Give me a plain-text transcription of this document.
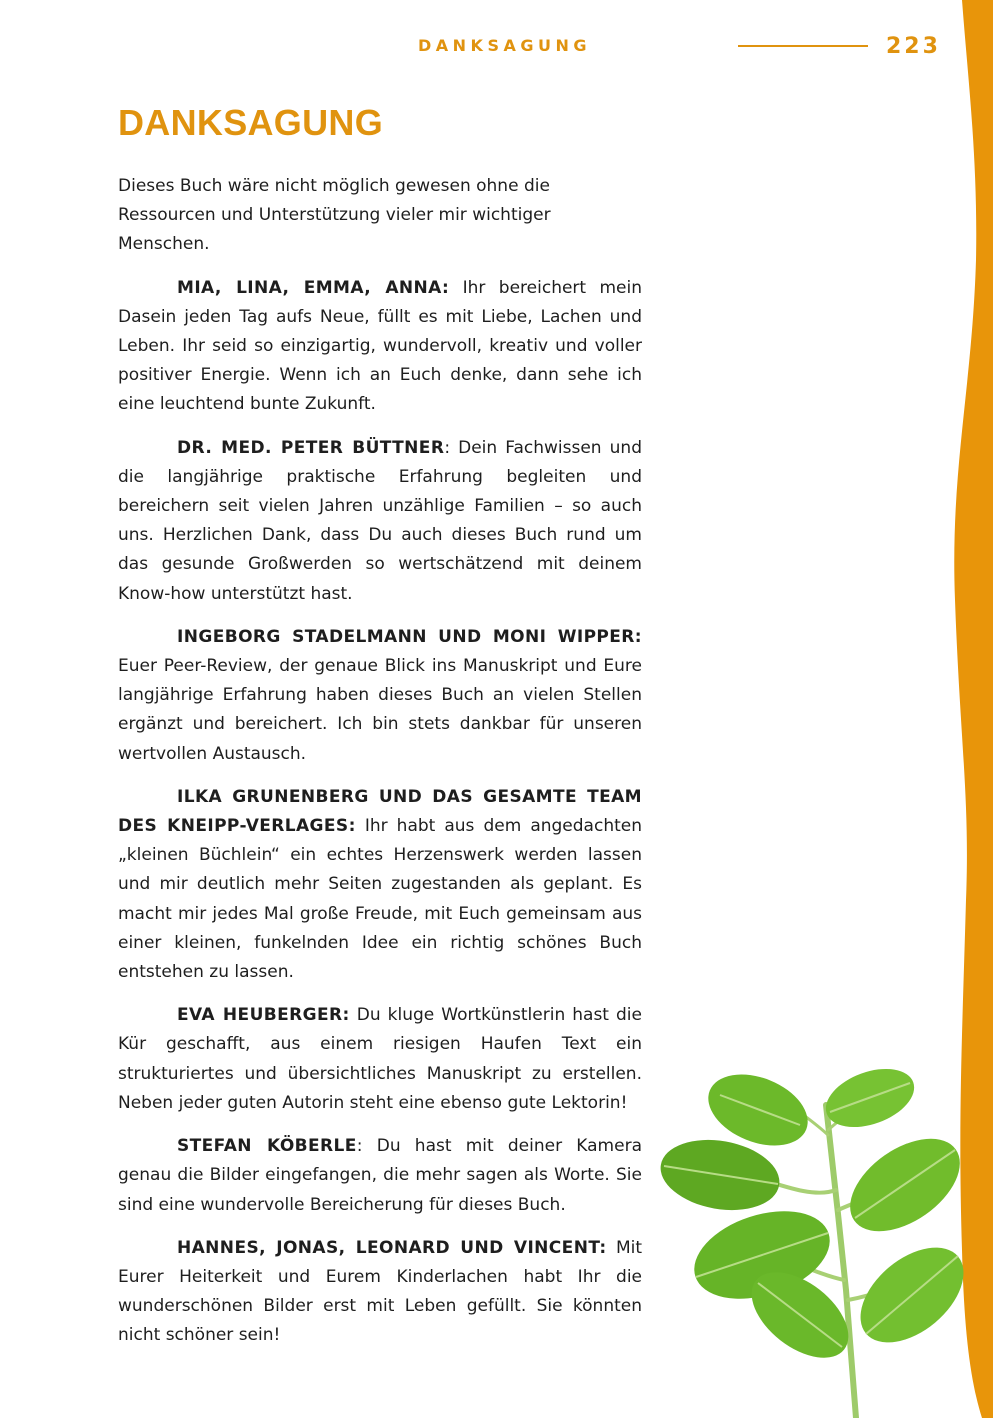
DANKSAGUNG	223
DANKSAGUNG

Dieses Buch wäre nicht möglich gewesen ohne die Ressourcen und Unterstützung vieler mir wichtiger Menschen.

MIA, LINA, EMMA, ANNA: Ihr bereichert mein Dasein jeden Tag aufs Neue, füllt es mit Liebe, Lachen und Leben. Ihr seid so einzigartig, wundervoll, kreativ und voller positiver Energie. Wenn ich an Euch denke, dann sehe ich eine leuchtend bunte Zukunft.

DR. MED. PETER BÜTTNER: Dein Fachwissen und die langjährige praktische Erfahrung begleiten und bereichern seit vielen Jahren unzählige Familien – so auch uns. Herzlichen Dank, dass Du auch dieses Buch rund um das gesunde Großwerden so wertschätzend mit deinem Know-how unterstützt hast.

INGEBORG STADELMANN UND MONI WIPPER: Euer Peer-Review, der genaue Blick ins Manuskript und Eure langjährige Erfahrung haben dieses Buch an vielen Stellen ergänzt und bereichert. Ich bin stets dankbar für unseren wertvollen Austausch.

ILKA GRUNENBERG UND DAS GESAMTE TEAM DES KNEIPP-VERLAGES: Ihr habt aus dem angedachten „kleinen Büchlein“ ein echtes Herzenswerk werden lassen und mir deutlich mehr Seiten zugestanden als geplant. Es macht mir jedes Mal große Freude, mit Euch gemeinsam aus einer kleinen, funkelnden Idee ein richtig schönes Buch entstehen zu lassen.

EVA HEUBERGER: Du kluge Wortkünstlerin hast die Kür geschafft, aus einem riesigen Haufen Text ein strukturiertes und übersichtliches Manuskript zu erstellen. Neben jeder guten Autorin steht eine ebenso gute Lektorin!

STEFAN KÖBERLE: Du hast mit deiner Kamera genau die Bilder eingefangen, die mehr sagen als Worte. Sie sind eine wundervolle Bereicherung für dieses Buch.

HANNES, JONAS, LEONARD UND VINCENT: Mit Eurer Heiterkeit und Eurem Kinderlachen habt Ihr die wunderschönen Bilder erst mit Leben gefüllt. Sie könnten nicht schöner sein!
